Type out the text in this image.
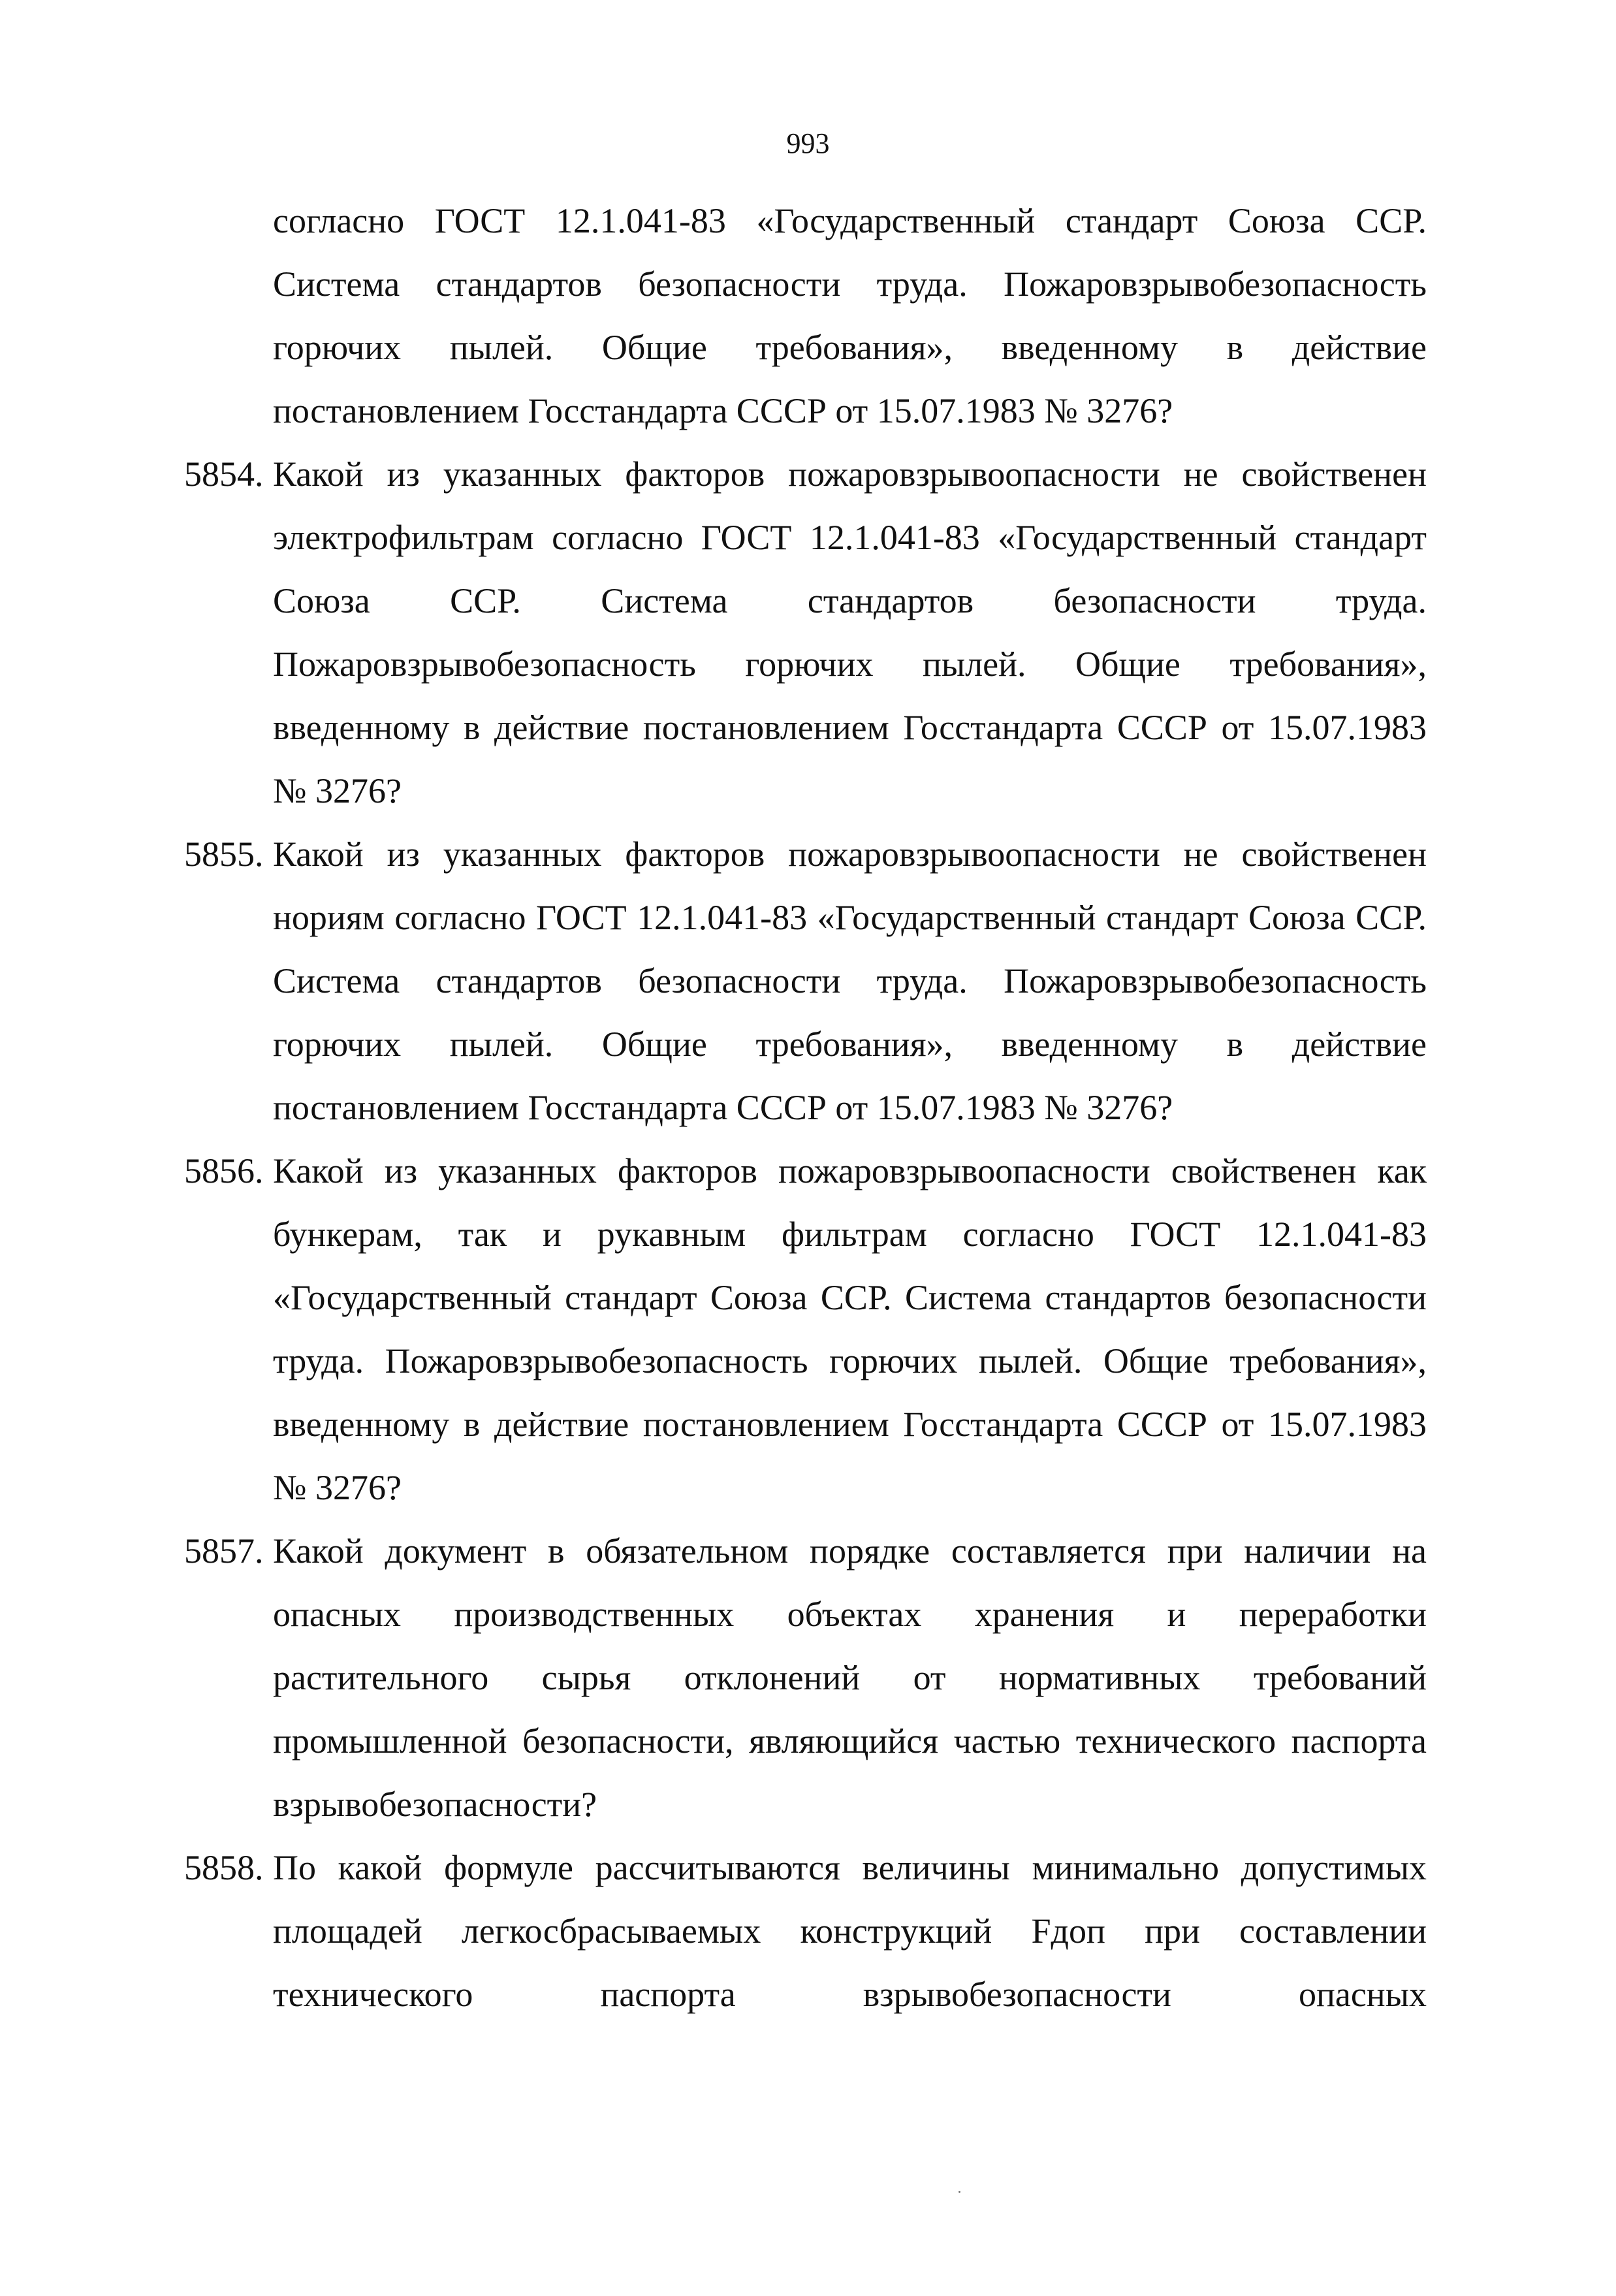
993
согласно ГОСТ 12.1.041-83 «Государственный стандарт Союза ССР. Система стандартов безопасности труда. Пожаровзрывобезопасность горючих пылей. Общие требования», введенному в действие постановлением Госстандарта СССР от 15.07.1983 № 3276?
5854. Какой из указанных факторов пожаровзрывоопасности не свойственен электрофильтрам согласно ГОСТ 12.1.041-83 «Государственный стандарт Союза ССР. Система стандартов безопасности труда. Пожаровзрывобезопасность горючих пылей. Общие требования», введенному в действие постановлением Госстандарта СССР от 15.07.1983 № 3276?
5855. Какой из указанных факторов пожаровзрывоопасности не свойственен нориям согласно ГОСТ 12.1.041-83 «Государственный стандарт Союза ССР. Система стандартов безопасности труда. Пожаровзрывобезопасность горючих пылей. Общие требования», введенному в действие постановлением Госстандарта СССР от 15.07.1983 № 3276?
5856. Какой из указанных факторов пожаровзрывоопасности свойственен как бункерам, так и рукавным фильтрам согласно ГОСТ 12.1.041-83 «Государственный стандарт Союза ССР. Система стандартов безопасности труда. Пожаровзрывобезопасность горючих пылей. Общие требования», введенному в действие постановлением Госстандарта СССР от 15.07.1983 № 3276?
5857. Какой документ в обязательном порядке составляется при наличии на опасных производственных объектах хранения и переработки растительного сырья отклонений от нормативных требований промышленной безопасности, являющийся частью технического паспорта взрывобезопасности?
5858. По какой формуле рассчитываются величины минимально допустимых площадей легкосбрасываемых конструкций Fдоп при составлении технического паспорта взрывобезопасности опасных
